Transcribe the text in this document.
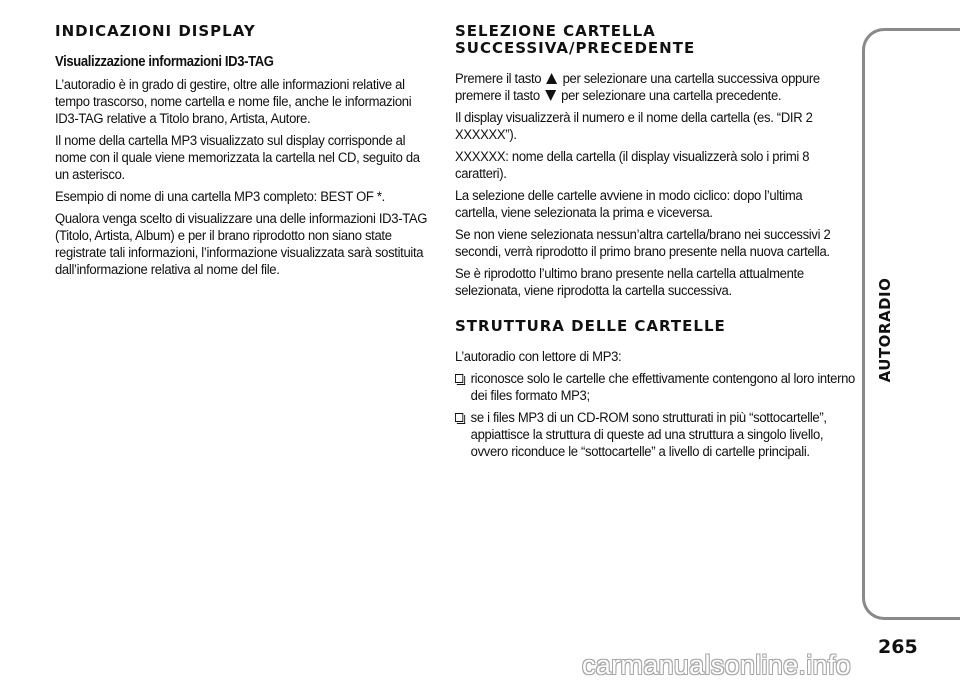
INDICAZIONI DISPLAY
Visualizzazione informazioni ID3-TAG

L’autoradio è in grado di gestire, oltre alle informazioni relative al tempo trascorso, nome cartella e nome file, anche le informazioni ID3-TAG relative a Titolo brano, Artista, Autore.

Il nome della cartella MP3 visualizzato sul display corrisponde al nome con il quale viene memorizzata la cartella nel CD, seguito da un asterisco.

Esempio di nome di una cartella MP3 completo: BEST OF *.

Qualora venga scelto di visualizzare una delle informazioni ID3-TAG (Titolo, Artista, Album) e per il brano riprodotto non siano state registrate tali informazioni, l’informazione visualizzata sarà sostituita dall’informazione relativa al nome del file.

SELEZIONE CARTELLA
SUCCESSIVA/PRECEDENTE

Premere il tasto per selezionare una cartella successiva oppure premere il tasto per selezionare una cartella precedente.

Il display visualizzerà il numero e il nome della cartella (es. “DIR 2 XXXXXX”).

XXXXXX: nome della cartella (il display visualizzerà solo i primi 8 caratteri).

La selezione delle cartelle avviene in modo ciclico: dopo l’ultima cartella, viene selezionata la prima e viceversa.

Se non viene selezionata nessun’altra cartella/brano nei successivi 2 secondi, verrà riprodotto il primo brano presente nella nuova cartella.

Se è riprodotto l’ultimo brano presente nella cartella attualmente selezionata, viene riprodotta la cartella successiva.

STRUTTURA DELLE CARTELLE

L’autoradio con lettore di MP3:

riconosce solo le cartelle che effettivamente contengono al loro interno dei files formato MP3;

se i files MP3 di un CD-ROM sono strutturati in più “sottocartelle”, appiattisce la struttura di queste ad una struttura a singolo livello, ovvero riconduce le “sottocartelle” a livello di cartelle principali.

AUTORADIO
265
carmanualsonline.info
